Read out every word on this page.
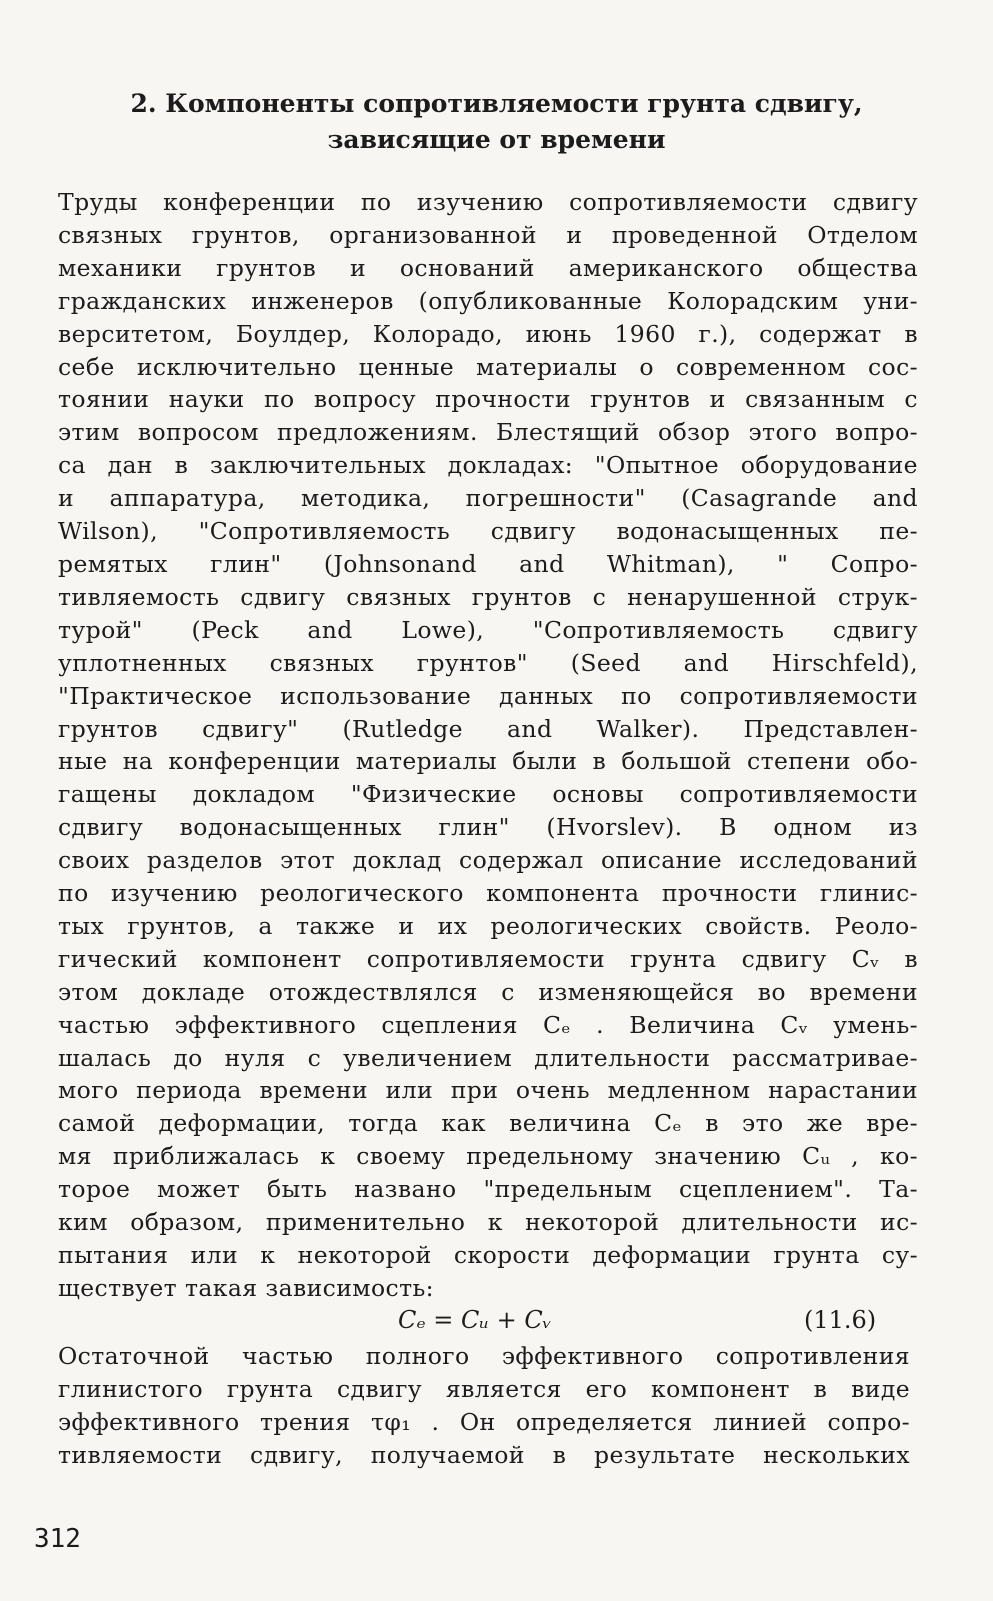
2. Компоненты сопротивляемости грунта сдвигу,
зависящие от времени
Труды конференции по изучению сопротивляемости сдвигу
связных грунтов, организованной и проведенной Отделом
механики грунтов и оснований американского общества
гражданских инженеров (опубликованные Колорадским уни-
верситетом, Боулдер, Колорадо, июнь 1960 г.), содержат в
себе исключительно ценные материалы о современном сос-
тоянии науки по вопросу прочности грунтов и связанным с
этим вопросом предложениям. Блестящий обзор этого вопро-
са дан в заключительных докладах: "Опытное оборудование
и аппаратура, методика, погрешности" (Casagrande and
Wilson), "Сопротивляемость сдвигу водонасыщенных пе-
ремятых глин" (Johnsonand and Whitman), " Сопро-
тивляемость сдвигу связных грунтов с ненарушенной струк-
турой" (Peck and Lowe), "Сопротивляемость сдвигу
уплотненных связных грунтов" (Seed and Hirschfeld),
"Практическое использование данных по сопротивляемости
грунтов сдвигу" (Rutledge and Walker). Представлен-
ные на конференции материалы были в большой степени обо-
гащены докладом "Физические основы сопротивляемости
сдвигу водонасыщенных глин" (Hvorslev). В одном из
своих разделов этот доклад содержал описание исследований
по изучению реологического компонента прочности глинис-
тых грунтов, а также и их реологических свойств. Реоло-
гический компонент сопротивляемости грунта сдвигу Cᵥ в
этом докладе отождествлялся с изменяющейся во времени
частью эффективного сцепления Cₑ . Величина Cᵥ умень-
шалась до нуля с увеличением длительности рассматривае-
мого периода времени или при очень медленном нарастании
самой деформации, тогда как величина Cₑ в это же вре-
мя приближалась к своему предельному значению Cᵤ , ко-
торое может быть названо "предельным сцеплением". Та-
ким образом, применительно к некоторой длительности ис-
пытания или к некоторой скорости деформации грунта су-
ществует такая зависимость:
Cₑ = Cᵤ + Cᵥ	(11.6)
Остаточной частью полного эффективного сопротивления
глинистого грунта сдвигу является его компонент в виде
эффективного трения τφ₁ . Он определяется линией сопро-
тивляемости сдвигу, получаемой в результате нескольких
312
